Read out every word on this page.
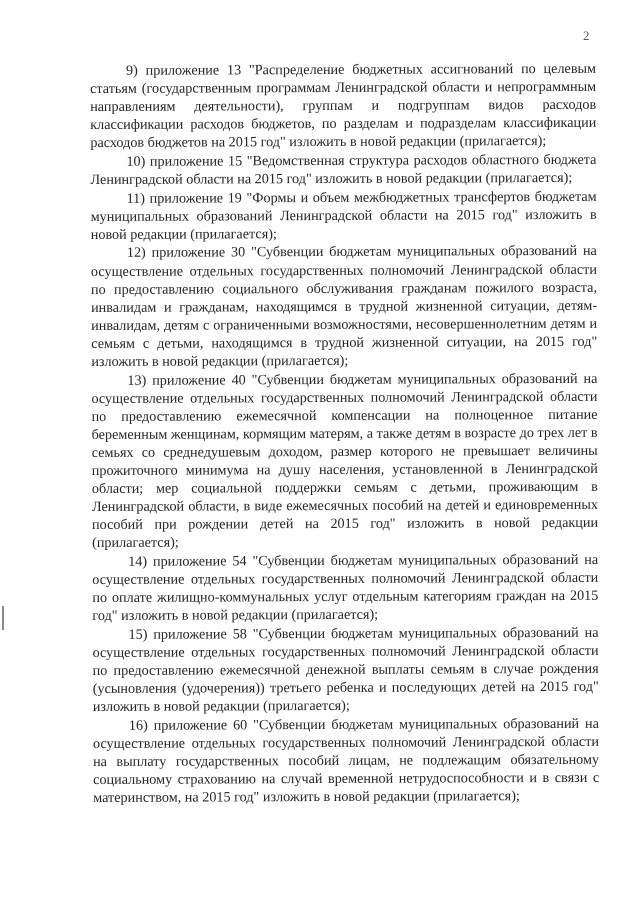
2

9) приложение 13 "Распределение бюджетных ассигнований по целевым статьям (государственным программам Ленинградской области и непрограммным направлениям деятельности), группам и подгруппам видов расходов классификации расходов бюджетов, по разделам и подразделам классификации расходов бюджетов на 2015 год" изложить в новой редакции (прилагается);

10) приложение 15 "Ведомственная структура расходов областного бюджета Ленинградской области на 2015 год" изложить в новой редакции (прилагается);

11) приложение 19 "Формы и объем межбюджетных трансфертов бюджетам муниципальных образований Ленинградской области на 2015 год" изложить в новой редакции (прилагается);

12) приложение 30 "Субвенции бюджетам муниципальных образований на осуществление отдельных государственных полномочий Ленинградской области по предоставлению социального обслуживания гражданам пожилого возраста, инвалидам и гражданам, находящимся в трудной жизненной ситуации, детям-инвалидам, детям с ограниченными возможностями, несовершеннолетним детям и семьям с детьми, находящимся в трудной жизненной ситуации, на 2015 год" изложить в новой редакции (прилагается);

13) приложение 40 "Субвенции бюджетам муниципальных образований на осуществление отдельных государственных полномочий Ленинградской области по предоставлению ежемесячной компенсации на полноценное питание беременным женщинам, кормящим матерям, а также детям в возрасте до трех лет в семьях со среднедушевым доходом, размер которого не превышает величины прожиточного минимума на душу населения, установленной в Ленинградской области; мер социальной поддержки семьям с детьми, проживающим в Ленинградской области, в виде ежемесячных пособий на детей и единовременных пособий при рождении детей на 2015 год" изложить в новой редакции (прилагается);

14) приложение 54 "Субвенции бюджетам муниципальных образований на осуществление отдельных государственных полномочий Ленинградской области по оплате жилищно-коммунальных услуг отдельным категориям граждан на 2015 год" изложить в новой редакции (прилагается);

15) приложение 58 "Субвенции бюджетам муниципальных образований на осуществление отдельных государственных полномочий Ленинградской области по предоставлению ежемесячной денежной выплаты семьям в случае рождения (усыновления (удочерения)) третьего ребенка и последующих детей на 2015 год" изложить в новой редакции (прилагается);

16) приложение 60 "Субвенции бюджетам муниципальных образований на осуществление отдельных государственных полномочий Ленинградской области на выплату государственных пособий лицам, не подлежащим обязательному социальному страхованию на случай временной нетрудоспособности и в связи с материнством, на 2015 год" изложить в новой редакции (прилагается);
